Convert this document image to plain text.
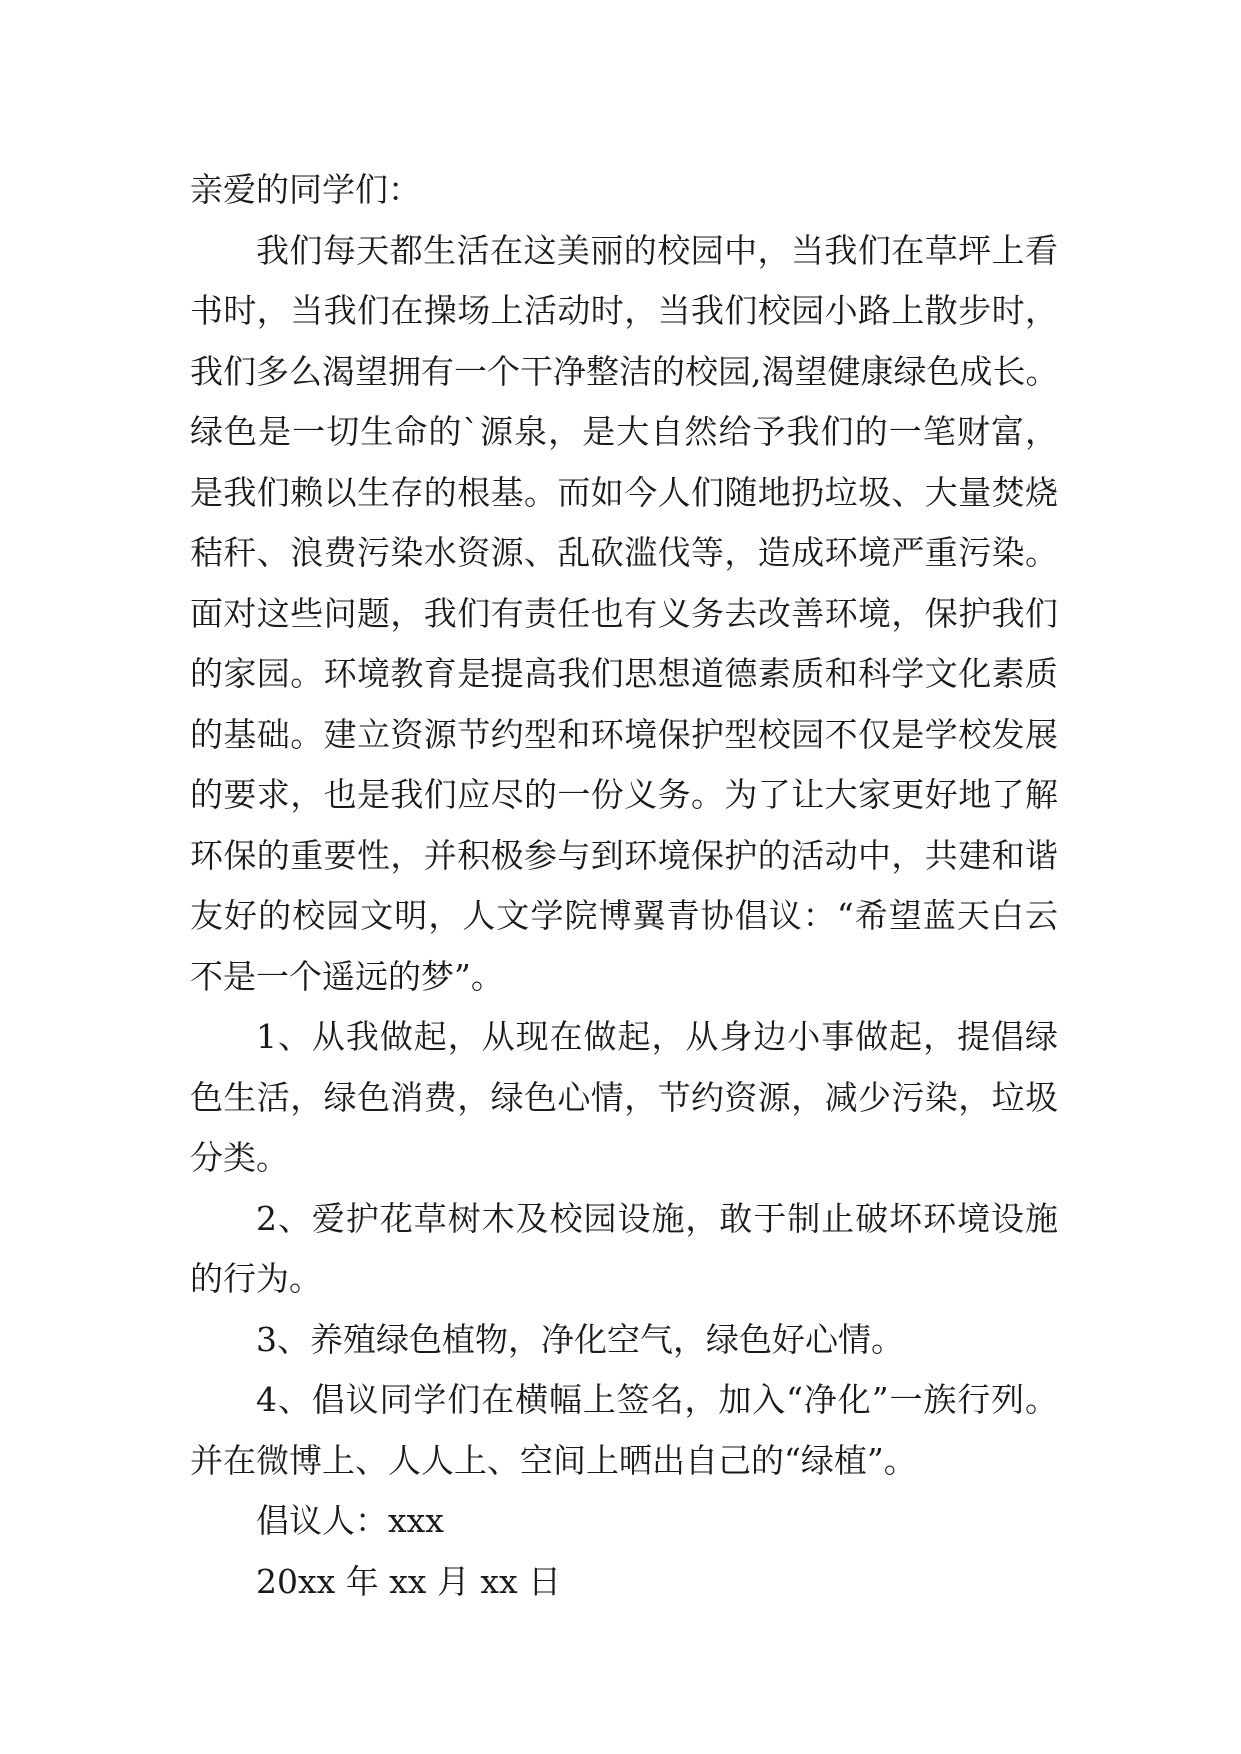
亲爱的同学们：
我们每天都生活在这美丽的校园中，当我们在草坪上看
书时，当我们在操场上活动时，当我们校园小路上散步时，
我们多么渴望拥有一个干净整洁的校园,渴望健康绿色成长。
绿色是一切生命的`源泉，是大自然给予我们的一笔财富，
是我们赖以生存的根基。而如今人们随地扔垃圾、大量焚烧
秸秆、浪费污染水资源、乱砍滥伐等，造成环境严重污染。
面对这些问题，我们有责任也有义务去改善环境，保护我们
的家园。环境教育是提高我们思想道德素质和科学文化素质
的基础。建立资源节约型和环境保护型校园不仅是学校发展
的要求，也是我们应尽的一份义务。为了让大家更好地了解
环保的重要性，并积极参与到环境保护的活动中，共建和谐
友好的校园文明，人文学院博翼青协倡议：“希望蓝天白云
不是一个遥远的梦”。
1、从我做起，从现在做起，从身边小事做起，提倡绿
色生活，绿色消费，绿色心情，节约资源，减少污染，垃圾
分类。
2、爱护花草树木及校园设施，敢于制止破坏环境设施
的行为。
3、养殖绿色植物，净化空气，绿色好心情。
4、倡议同学们在横幅上签名，加入“净化”一族行列。
并在微博上、人人上、空间上晒出自己的“绿植”。
倡议人：xxx
20xx 年 xx 月 xx 日
